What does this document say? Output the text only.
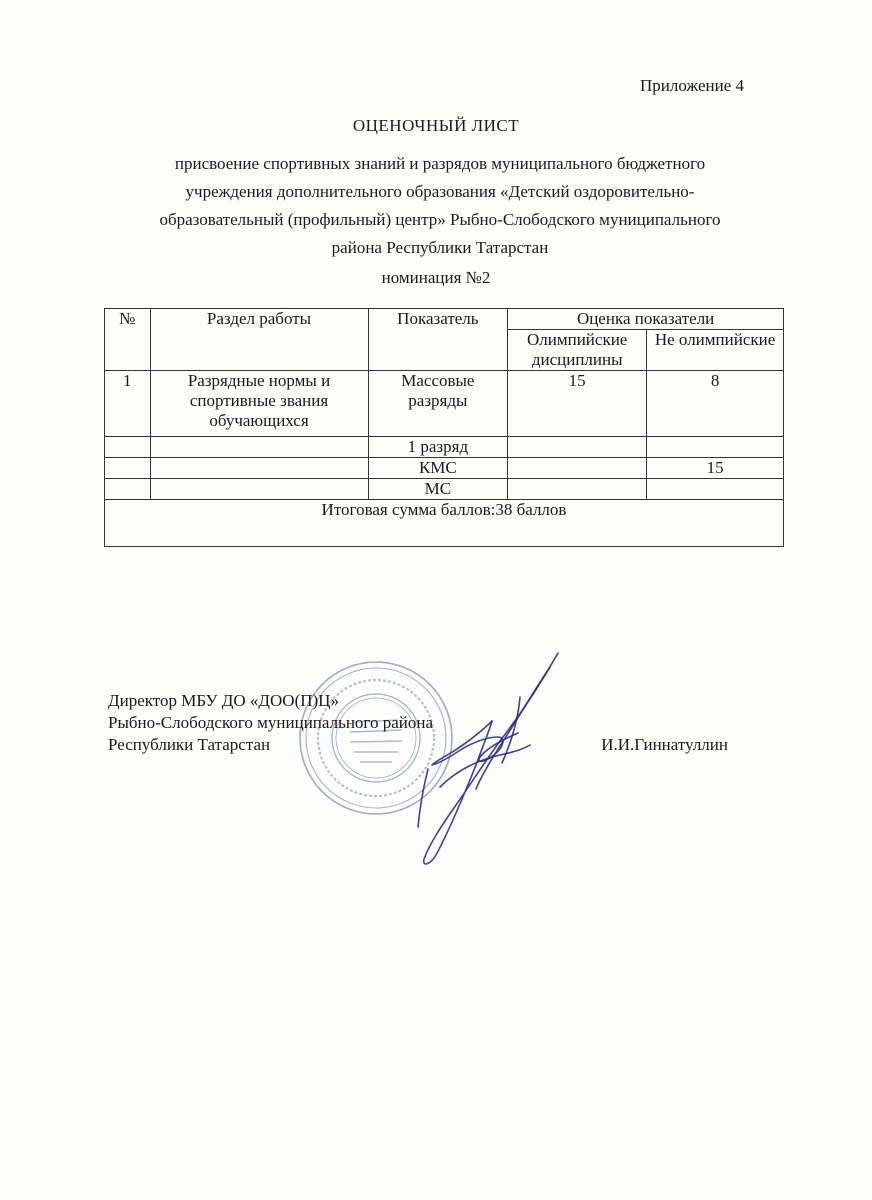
Приложение 4
ОЦЕНОЧНЫЙ ЛИСТ
присвоение спортивных знаний и разрядов муниципального бюджетного
учреждения дополнительного образования «Детский оздоровительно-
образовательный (профильный) центр» Рыбно-Слободского муниципального
района Республики Татарстан
номинация №2
№	Раздел работы	Показатель	Оценка показатели	
			Олимпийские дисциплины	Не олимпийские
1	Разрядные нормы и спортивные звания обучающихся	Массовые разряды	15	8
		1 разряд		
		КМС		15
		МС		
Итоговая сумма баллов:38 баллов				
Директор МБУ ДО «ДОО(П)Ц»
Рыбно-Слободского муниципального района
Республики Татарстан	И.И.Гиннатуллин
